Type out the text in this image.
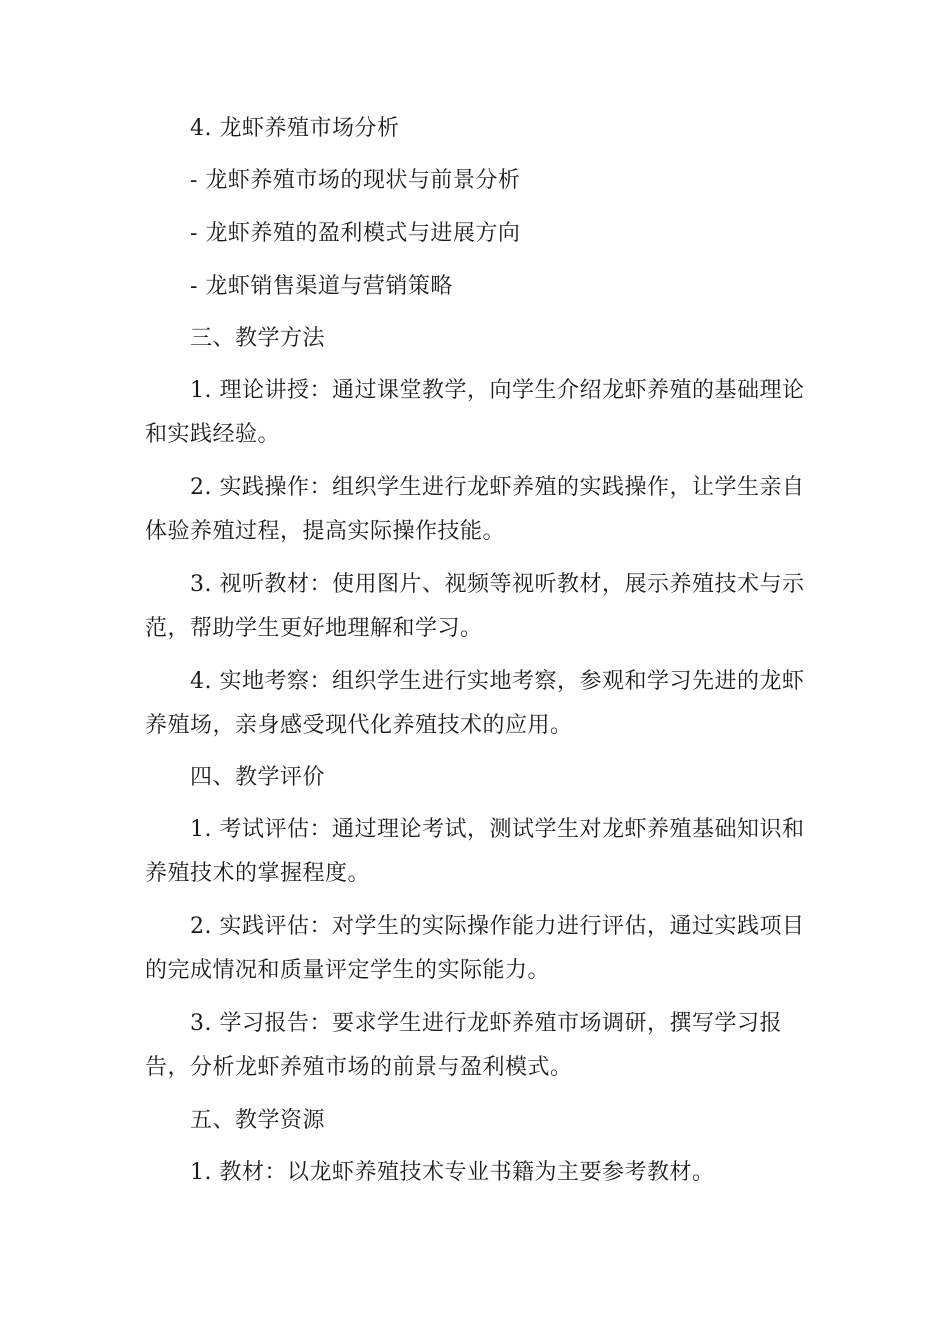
4. 龙虾养殖市场分析

- 龙虾养殖市场的现状与前景分析

- 龙虾养殖的盈利模式与进展方向

- 龙虾销售渠道与营销策略

三、教学方法

1. 理论讲授：通过课堂教学，向学生介绍龙虾养殖的基础理论和实践经验。

2. 实践操作：组织学生进行龙虾养殖的实践操作，让学生亲自体验养殖过程，提高实际操作技能。

3. 视听教材：使用图片、视频等视听教材，展示养殖技术与示范，帮助学生更好地理解和学习。

4. 实地考察：组织学生进行实地考察，参观和学习先进的龙虾养殖场，亲身感受现代化养殖技术的应用。

四、教学评价

1. 考试评估：通过理论考试，测试学生对龙虾养殖基础知识和养殖技术的掌握程度。

2. 实践评估：对学生的实际操作能力进行评估，通过实践项目的完成情况和质量评定学生的实际能力。

3. 学习报告：要求学生进行龙虾养殖市场调研，撰写学习报告，分析龙虾养殖市场的前景与盈利模式。

五、教学资源

1. 教材：以龙虾养殖技术专业书籍为主要参考教材。
